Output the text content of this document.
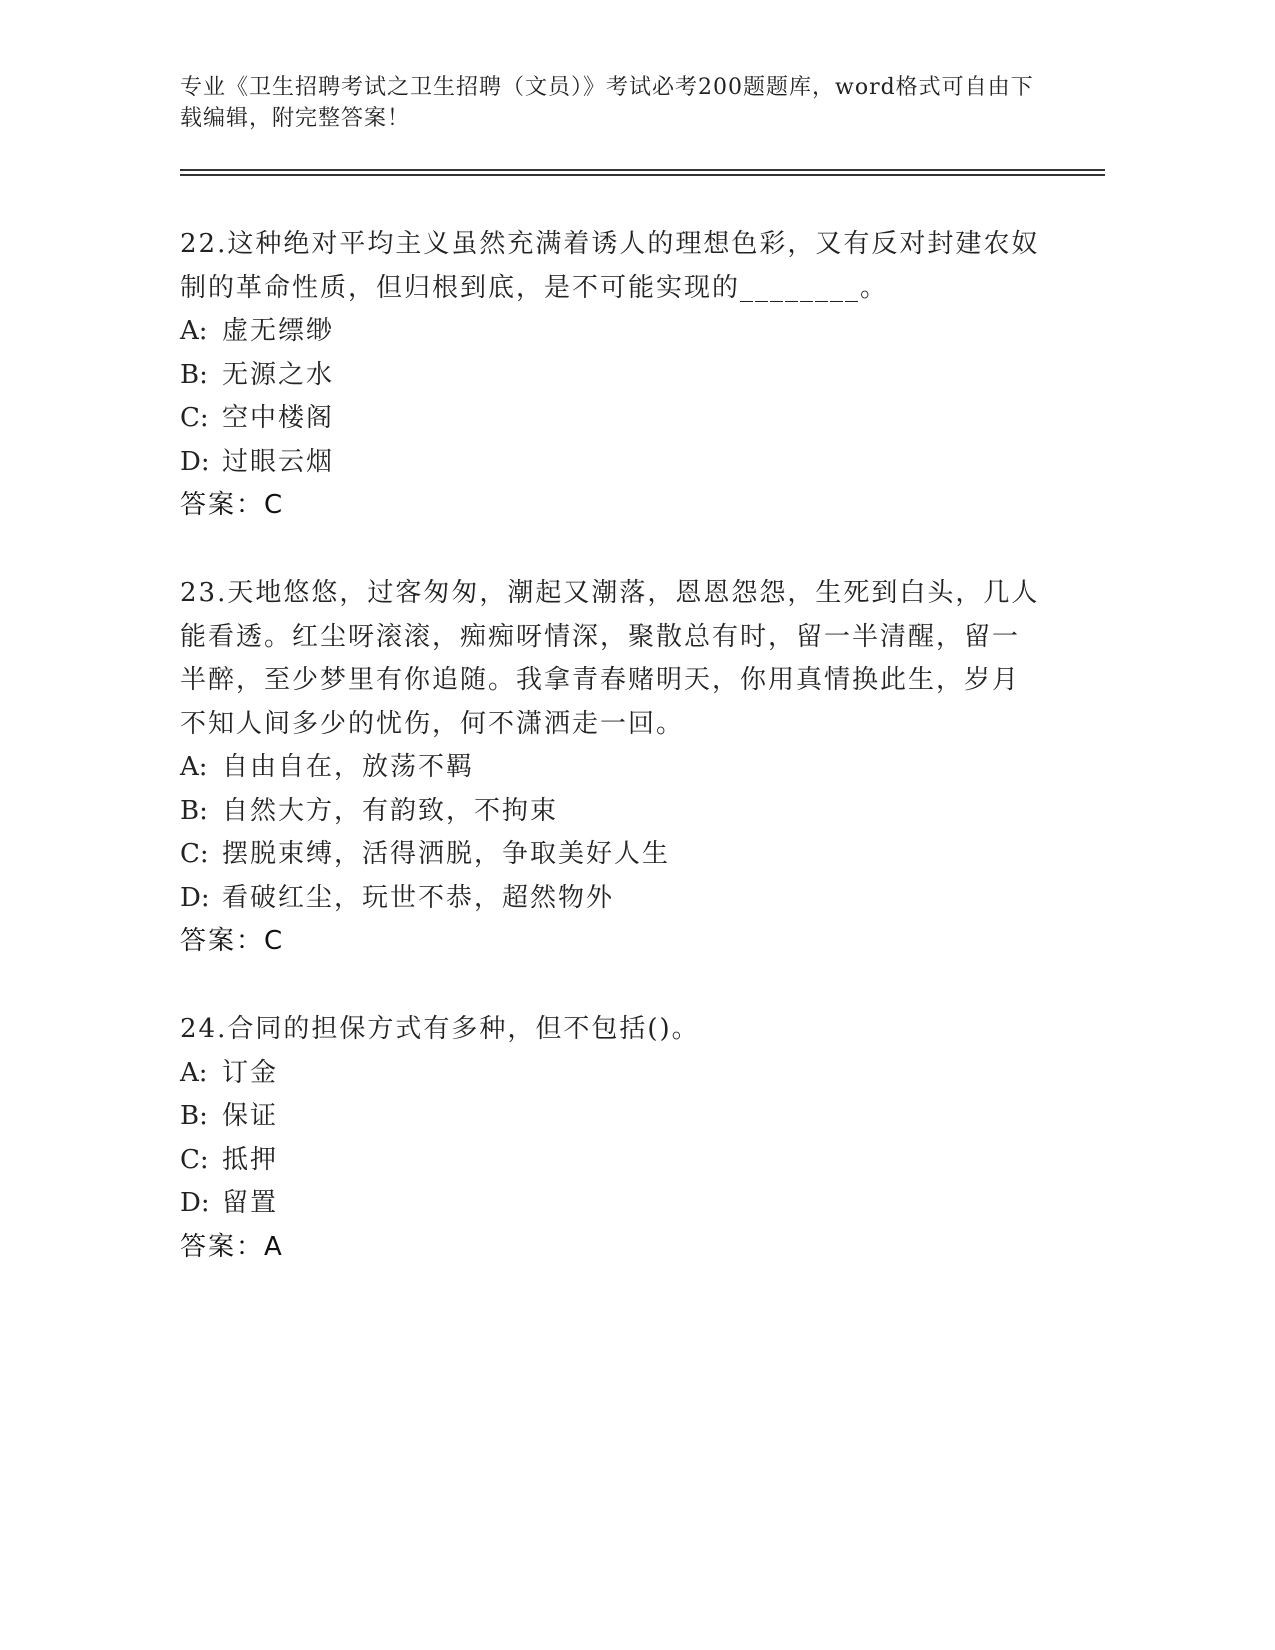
专业《卫生招聘考试之卫生招聘（文员）》考试必考200题题库，word格式可自由下载编辑，附完整答案！

22.这种绝对平均主义虽然充满着诱人的理想色彩，又有反对封建农奴制的革命性质，但归根到底，是不可能实现的________。

A: 虚无缥缈

B: 无源之水

C: 空中楼阁

D: 过眼云烟

答案：C

23.天地悠悠，过客匆匆，潮起又潮落，恩恩怨怨，生死到白头，几人能看透。红尘呀滚滚，痴痴呀情深，聚散总有时，留一半清醒，留一半醉，至少梦里有你追随。我拿青春赌明天，你用真情换此生，岁月不知人间多少的忧伤，何不潇洒走一回。

A: 自由自在，放荡不羁

B: 自然大方，有韵致，不拘束

C: 摆脱束缚，活得洒脱，争取美好人生

D: 看破红尘，玩世不恭，超然物外

答案：C

24.合同的担保方式有多种，但不包括()。

A: 订金

B: 保证

C: 抵押

D: 留置

答案：A
